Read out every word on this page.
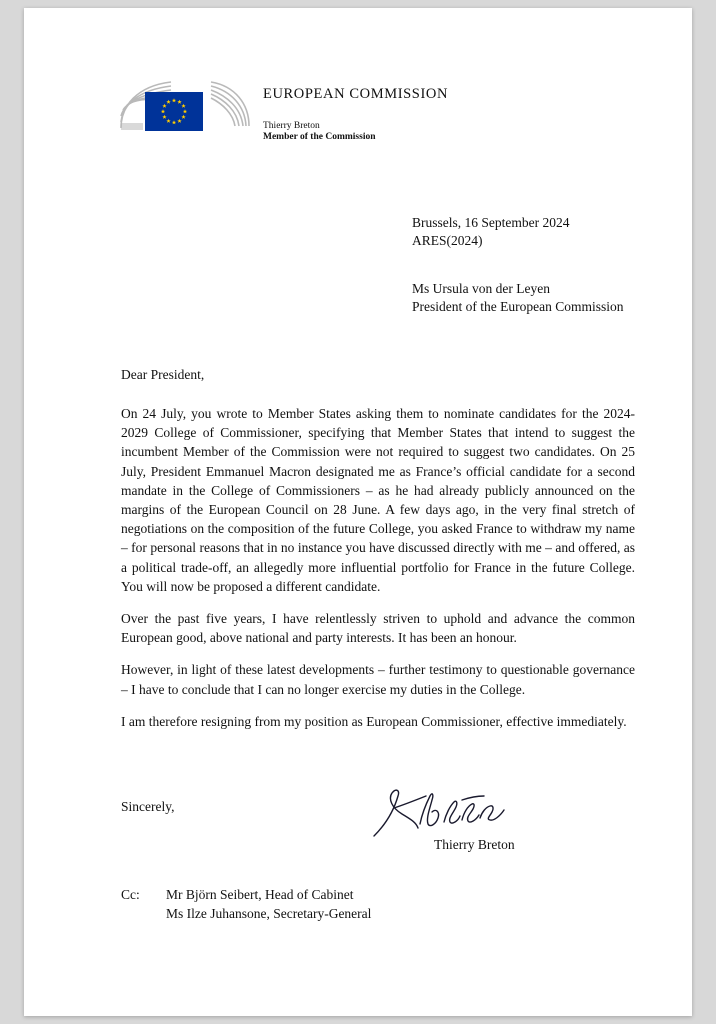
EUROPEAN COMMISSION
Thierry Breton
Member of the Commission
Brussels, 16 September 2024
ARES(2024)
Ms Ursula von der Leyen
President of the European Commission
Dear President,

On 24 July, you wrote to Member States asking them to nominate candidates for the 2024-2029 College of Commissioner, specifying that Member States that intend to suggest the incumbent Member of the Commission were not required to suggest two candidates. On 25 July, President Emmanuel Macron designated me as France’s official candidate for a second mandate in the College of Commissioners – as he had already publicly announced on the margins of the European Council on 28 June. A few days ago, in the very final stretch of negotiations on the composition of the future College, you asked France to withdraw my name – for personal reasons that in no instance you have discussed directly with me – and offered, as a political trade-off, an allegedly more influential portfolio for France in the future College. You will now be proposed a different candidate.

Over the past five years, I have relentlessly striven to uphold and advance the common European good, above national and party interests. It has been an honour.

However, in light of these latest developments – further testimony to questionable governance – I have to conclude that I can no longer exercise my duties in the College.

I am therefore resigning from my position as European Commissioner, effective immediately.

Sincerely,
Thierry Breton
Cc: Mr Björn Seibert, Head of Cabinet
Ms Ilze Juhansone, Secretary-General
